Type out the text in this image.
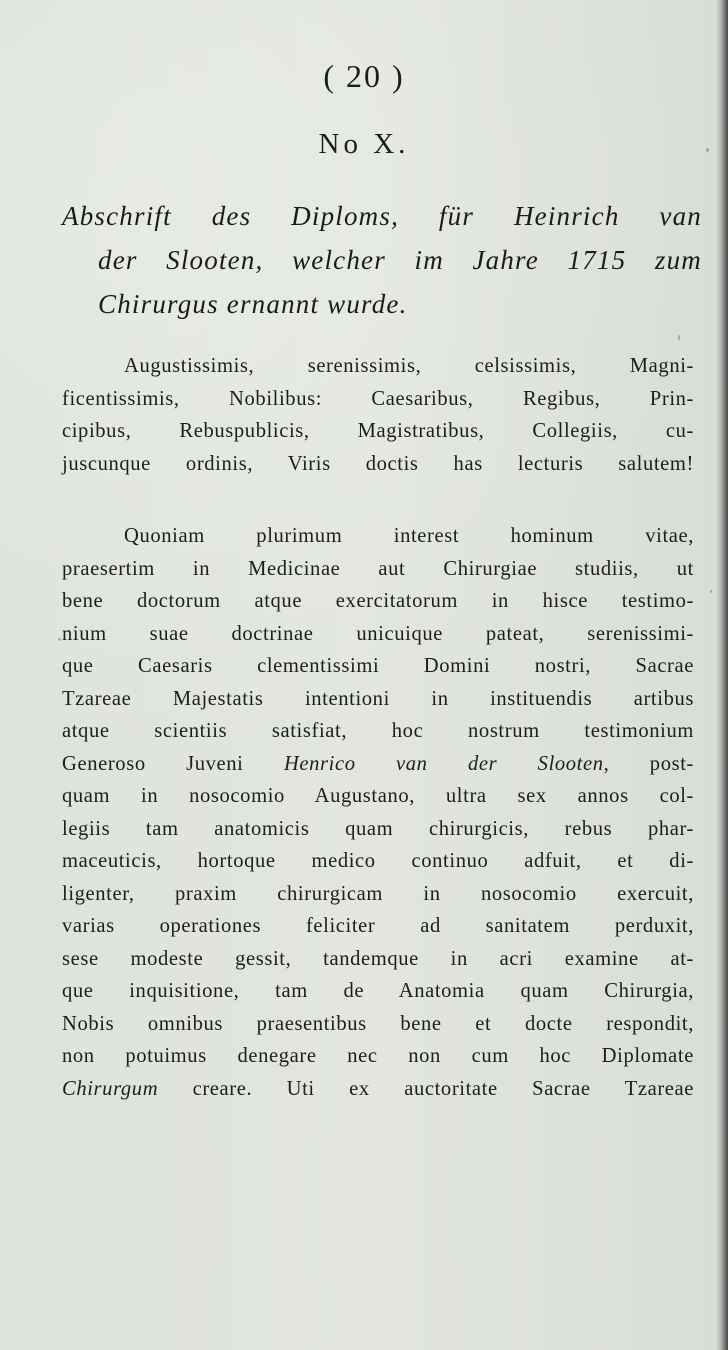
( 20 )
No X.
Abschrift des Diploms, für Heinrich van
der Slooten, welcher im Jahre 1715 zum
Chirurgus ernannt wurde.
Augustissimis, serenissimis, celsissimis, Magni-
ficentissimis, Nobilibus: Caesaribus, Regibus, Prin-
cipibus, Rebuspublicis, Magistratibus, Collegiis, cu-
juscunque ordinis, Viris doctis has lecturis salutem!
Quoniam plurimum interest hominum vitae,
praesertim in Medicinae aut Chirurgiae studiis, ut
bene doctorum atque exercitatorum in hisce testimo-
nium suae doctrinae unicuique pateat, serenissimi-
que Caesaris clementissimi Domini nostri, Sacrae
Tzareae Majestatis intentioni in instituendis artibus
atque scientiis satisfiat, hoc nostrum testimonium
Generoso Juveni Henrico van der Slooten, post-
quam in nosocomio Augustano, ultra sex annos col-
legiis tam anatomicis quam chirurgicis, rebus phar-
maceuticis, hortoque medico continuo adfuit, et di-
ligenter, praxim chirurgicam in nosocomio exercuit,
varias operationes feliciter ad sanitatem perduxit,
sese modeste gessit, tandemque in acri examine at-
que inquisitione, tam de Anatomia quam Chirurgia,
Nobis omnibus praesentibus bene et docte respondit,
non potuimus denegare nec non cum hoc Diplomate
Chirurgum creare. Uti ex auctoritate Sacrae Tzareae
